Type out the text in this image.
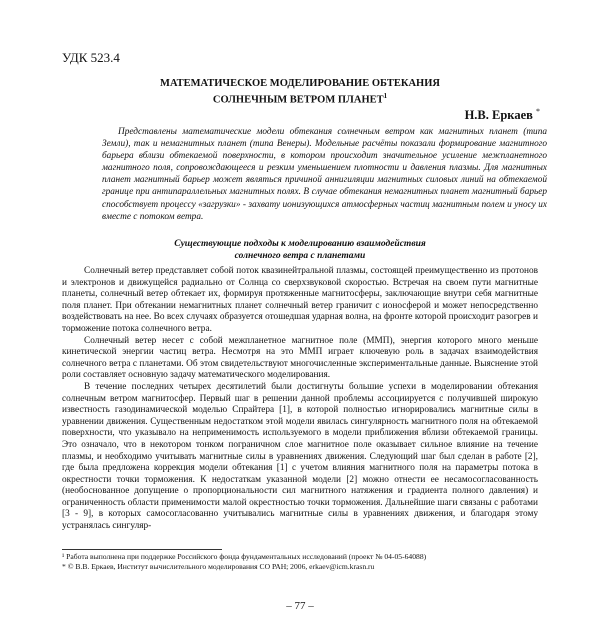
УДК 523.4
МАТЕМАТИЧЕСКОЕ МОДЕЛИРОВАНИЕ ОБТЕКАНИЯ
СОЛНЕЧНЫМ ВЕТРОМ ПЛАНЕТ$^1$
Н.В. Еркаев *
Представлены математические модели обтекания солнечным ветром как магнитных планет (типа Земли), так и немагнитных планет (типа Венеры). Модельные расчёты показали формирование магнитного барьера вблизи обтекаемой поверхности, в котором происходит значительное усиление межпланетного магнитного поля, сопровождающееся и резким уменьшением плотности и давления плазмы. Для магнитных планет магнитный барьер может являться причиной аннигиляции магнитных силовых линий на обтекаемой границе при антипараллельных магнитных полях. В случае обтекания немагнитных планет магнитный барьер способствует процессу «загрузки» - захвату ионизующихся атмосферных частиц магнитным полем и уносу их вместе с потоком ветра.
Существующие подходы к моделированию взаимодействия
солнечного ветра с планетами

Солнечный ветер представляет собой поток квазинейтральной плазмы, состоящей преимущественно из протонов и электронов и движущейся радиально от Солнца со сверхзвуковой скоростью. Встречая на своем пути магнитные планеты, солнечный ветер обтекает их, формируя протяженные магнитосферы, заключающие внутри себя магнитные поля планет. При обтекании немагнитных планет солнечный ветер граничит с ионосферой и может непосредственно воздействовать на нее. Во всех случаях образуется отошедшая ударная волна, на фронте которой происходит разогрев и торможение потока солнечного ветра.

Солнечный ветер несет с собой межпланетное магнитное поле (ММП), энергия которого много меньше кинетической энергии частиц ветра. Несмотря на это ММП играет ключевую роль в задачах взаимодействия солнечного ветра с планетами. Об этом свидетельствуют многочисленные экспериментальные данные. Выяснение этой роли составляет основную задачу математического моделирования.

В течение последних четырех десятилетий были достигнуты большие успехи в моделировании обтекания солнечным ветром магнитосфер. Первый шаг в решении данной проблемы ассоциируется с получившей широкую известность газодинамической моделью Спрайтера [1], в которой полностью игнорировались магнитные силы в уравнении движения. Существенным недостатком этой модели явилась сингулярность магнитного поля на обтекаемой поверхности, что указывало на неприменимость используемого в модели приближения вблизи обтекаемой границы. Это означало, что в некотором тонком пограничном слое магнитное поле оказывает сильное влияние на течение плазмы, и необходимо учитывать магнитные силы в уравнениях движения. Следующий шаг был сделан в работе [2], где была предложена коррекция модели обтекания [1] с учетом влияния магнитного поля на параметры потока в окрестности точки торможения. К недостаткам указанной модели [2] можно отнести ее несамосогласованность (необоснованное допущение о пропорциональности сил магнитного натяжения и градиента полного давления) и ограниченность области применимости малой окрестностью точки торможения. Дальнейшие шаги связаны с работами [3 - 9], в которых самосогласованно учитывались магнитные силы в уравнениях движения, и благодаря этому устранялась сингуляр-

¹ Работа выполнена при поддержке Российского фонда фундаментальных исследований (проект № 04-05-64088)
* © В.В. Еркаев, Институт вычислительного моделирования СО РАН; 2006, erkaev@icm.krasn.ru
– 77 –
